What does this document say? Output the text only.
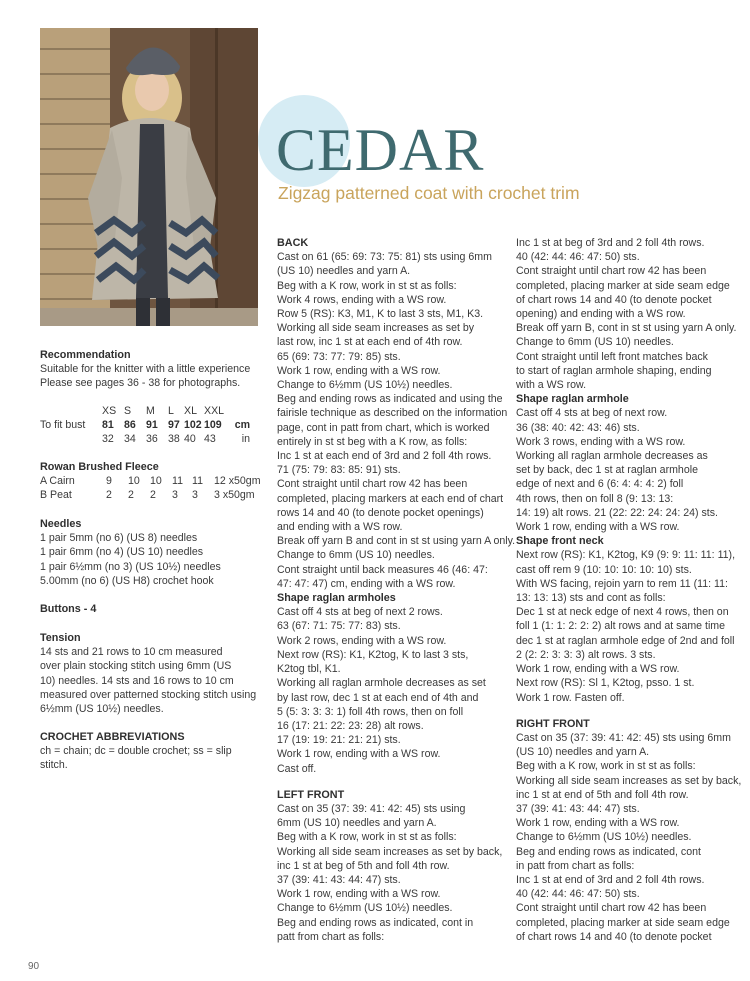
CEDAR

Zigzag patterned coat with crochet trim

Recommendation

Suitable for the knitter with a little experience

Please see pages 36 - 38 for photographs.

	XS	S	M	L	XL	XXL	
To fit bust	81	86	91	97	102	109	cm
	32	34	36	38	40	43	in

Rowan Brushed Fleece

A Cairn	9	10	10	11	11	12 x50gm
B Peat	2	2	2	3	3	3 x50gm

Needles

1 pair 5mm (no 6) (US 8) needles

1 pair 6mm (no 4) (US 10) needles

1 pair 6½mm (no 3) (US 10½) needles

5.00mm (no 6) (US H8) crochet hook

Buttons - 4

Tension

14 sts and 21 rows to 10 cm measured

over plain stocking stitch using 6mm (US

10) needles. 14 sts and 16 rows to 10 cm

measured over patterned stocking stitch using

6½mm (US 10½) needles.

CROCHET ABBREVIATIONS

ch = chain; dc = double crochet; ss = slip

stitch.

BACK

Cast on 61 (65: 69: 73: 75: 81) sts using 6mm

(US 10) needles and yarn A.

Beg with a K row, work in st st as folls:

Work 4 rows, ending with a WS row.

Row 5 (RS): K3, M1, K to last 3 sts, M1, K3.

Working all side seam increases as set by

last row, inc 1 st at each end of 4th row.

65 (69: 73: 77: 79: 85) sts.

Work 1 row, ending with a WS row.

Change to 6½mm (US 10½) needles.

Beg and ending rows as indicated and using the

fairisle technique as described on the information

page, cont in patt from chart, which is worked

entirely in st st beg with a K row, as folls:

Inc 1 st at each end of 3rd and 2 foll 4th rows.

71 (75: 79: 83: 85: 91) sts.

Cont straight until chart row 42 has been

completed, placing markers at each end of chart

rows 14 and 40 (to denote pocket openings)

and ending with a WS row.

Break off yarn B and cont in st st using yarn A only.

Change to 6mm (US 10) needles.

Cont straight until back measures 46 (46: 47:

47: 47: 47) cm, ending with a WS row.

Shape raglan armholes

Cast off 4 sts at beg of next 2 rows.

63 (67: 71: 75: 77: 83) sts.

Work 2 rows, ending with a WS row.

Next row (RS): K1, K2tog, K to last 3 sts,

K2tog tbl, K1.

Working all raglan armhole decreases as set

by last row, dec 1 st at each end of 4th and

5 (5: 3: 3: 3: 1) foll 4th rows, then on foll

16 (17: 21: 22: 23: 28) alt rows.

17 (19: 19: 21: 21: 21) sts.

Work 1 row, ending with a WS row.

Cast off.

LEFT FRONT

Cast on 35 (37: 39: 41: 42: 45) sts using

6mm (US 10) needles and yarn A.

Beg with a K row, work in st st as folls:

Working all side seam increases as set by back,

inc 1 st at beg of 5th and foll 4th row.

37 (39: 41: 43: 44: 47) sts.

Work 1 row, ending with a WS row.

Change to 6½mm (US 10½) needles.

Beg and ending rows as indicated, cont in

patt from chart as folls:

Inc 1 st at beg of 3rd and 2 foll 4th rows.

40 (42: 44: 46: 47: 50) sts.

Cont straight until chart row 42 has been

completed, placing marker at side seam edge

of chart rows 14 and 40 (to denote pocket

opening) and ending with a WS row.

Break off yarn B, cont in st st using yarn A only.

Change to 6mm (US 10) needles.

Cont straight until left front matches back

to start of raglan armhole shaping, ending

with a WS row.

Shape raglan armhole

Cast off 4 sts at beg of next row.

36 (38: 40: 42: 43: 46) sts.

Work 3 rows, ending with a WS row.

Working all raglan armhole decreases as

set by back, dec 1 st at raglan armhole

edge of next and 6 (6: 4: 4: 4: 2) foll

4th rows, then on foll 8 (9: 13: 13:

14: 19) alt rows. 21 (22: 22: 24: 24: 24) sts.

Work 1 row, ending with a WS row.

Shape front neck

Next row (RS): K1, K2tog, K9 (9: 9: 11: 11: 11),

cast off rem 9 (10: 10: 10: 10: 10) sts.

With WS facing, rejoin yarn to rem 11 (11: 11:

13: 13: 13) sts and cont as folls:

Dec 1 st at neck edge of next 4 rows, then on

foll 1 (1: 1: 2: 2: 2) alt rows and at same time

dec 1 st at raglan armhole edge of 2nd and foll

2 (2: 2: 3: 3: 3) alt rows. 3 sts.

Work 1 row, ending with a WS row.

Next row (RS): Sl 1, K2tog, psso. 1 st.

Work 1 row. Fasten off.

RIGHT FRONT

Cast on 35 (37: 39: 41: 42: 45) sts using 6mm

(US 10) needles and yarn A.

Beg with a K row, work in st st as folls:

Working all side seam increases as set by back,

inc 1 st at end of 5th and foll 4th row.

37 (39: 41: 43: 44: 47) sts.

Work 1 row, ending with a WS row.

Change to 6½mm (US 10½) needles.

Beg and ending rows as indicated, cont

in patt from chart as folls:

Inc 1 st at end of 3rd and 2 foll 4th rows.

40 (42: 44: 46: 47: 50) sts.

Cont straight until chart row 42 has been

completed, placing marker at side seam edge

of chart rows 14 and 40 (to denote pocket

90
